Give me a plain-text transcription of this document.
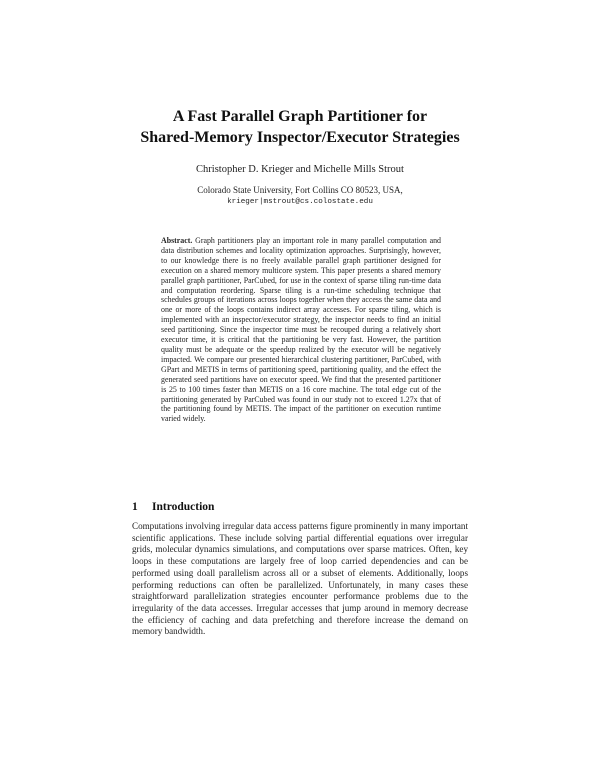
A Fast Parallel Graph Partitioner for
Shared-Memory Inspector/Executor Strategies
Christopher D. Krieger and Michelle Mills Strout
Colorado State University, Fort Collins CO 80523, USA,
krieger|mstrout@cs.colostate.edu
Abstract. Graph partitioners play an important role in many parallel computation and data distribution schemes and locality optimization approaches. Surprisingly, however, to our knowledge there is no freely available parallel graph partitioner designed for execution on a shared memory multicore system. This paper presents a shared memory parallel graph partitioner, ParCubed, for use in the context of sparse tiling run-time data and computation reordering. Sparse tiling is a run-time scheduling technique that schedules groups of iterations across loops together when they access the same data and one or more of the loops contains indirect array accesses. For sparse tiling, which is implemented with an inspector/executor strategy, the inspector needs to find an initial seed partitioning. Since the inspector time must be recouped during a relatively short executor time, it is critical that the partitioning be very fast. However, the partition quality must be adequate or the speedup realized by the executor will be negatively impacted. We compare our presented hierarchical clustering partitioner, ParCubed, with GPart and METIS in terms of partitioning speed, partitioning quality, and the effect the generated seed partitions have on executor speed. We find that the presented partitioner is 25 to 100 times faster than METIS on a 16 core machine. The total edge cut of the partitioning generated by ParCubed was found in our study not to exceed 1.27x that of the partitioning found by METIS. The impact of the partitioner on execution runtime varied widely.
1 Introduction

Computations involving irregular data access patterns figure prominently in many important scientific applications. These include solving partial differential equations over irregular grids, molecular dynamics simulations, and computations over sparse matrices. Often, key loops in these computations are largely free of loop carried dependencies and can be performed using doall parallelism across all or a subset of elements. Additionally, loops performing reductions can often be parallelized. Unfortunately, in many cases these straightforward parallelization strategies encounter performance problems due to the irregularity of the data accesses. Irregular accesses that jump around in memory decrease the efficiency of caching and data prefetching and therefore increase the demand on memory bandwidth.
